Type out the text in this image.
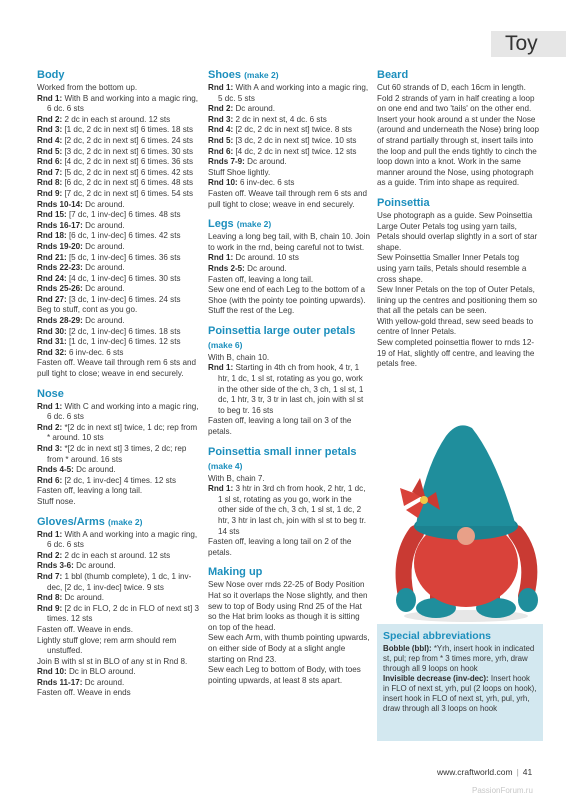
Toy
Body
Worked from the bottom up.
Rnd 1: With B and working into a magic ring, 6 dc. 6 sts
Rnd 2: 2 dc in each st around. 12 sts
Rnd 3: [1 dc, 2 dc in next st] 6 times. 18 sts
Rnd 4: [2 dc, 2 dc in next st] 6 times. 24 sts
Rnd 5: [3 dc, 2 dc in next st] 6 times. 30 sts
Rnd 6: [4 dc, 2 dc in next st] 6 times. 36 sts
Rnd 7: [5 dc, 2 dc in next st] 6 times. 42 sts
Rnd 8: [6 dc, 2 dc in next st] 6 times. 48 sts
Rnd 9: [7 dc, 2 dc in next st] 6 times. 54 sts
Rnds 10-14: Dc around.
Rnd 15: [7 dc, 1 inv-dec] 6 times. 48 sts
Rnds 16-17: Dc around.
Rnd 18: [6 dc, 1 inv-dec] 6 times. 42 sts
Rnds 19-20: Dc around.
Rnd 21: [5 dc, 1 inv-dec] 6 times. 36 sts
Rnds 22-23: Dc around.
Rnd 24: [4 dc, 1 inv-dec] 6 times. 30 sts
Rnds 25-26: Dc around.
Rnd 27: [3 dc, 1 inv-dec] 6 times. 24 sts
Beg to stuff, cont as you go.
Rnds 28-29: Dc around.
Rnd 30: [2 dc, 1 inv-dec] 6 times. 18 sts
Rnd 31: [1 dc, 1 inv-dec] 6 times. 12 sts
Rnd 32: 6 inv-dec. 6 sts
Fasten off. Weave tail through rem 6 sts and pull tight to close; weave in end securely.
Nose
Rnd 1: With C and working into a magic ring, 6 dc. 6 sts
Rnd 2: *[2 dc in next st] twice, 1 dc; rep from * around. 10 sts
Rnd 3: *[2 dc in next st] 3 times, 2 dc; rep from * around. 16 sts
Rnds 4-5: Dc around.
Rnd 6: [2 dc, 1 inv-dec] 4 times. 12 sts
Fasten off, leaving a long tail.
Stuff nose.
Gloves/Arms (make 2)
Rnd 1: With A and working into a magic ring, 6 dc. 6 sts
Rnd 2: 2 dc in each st around. 12 sts
Rnds 3-6: Dc around.
Rnd 7: 1 bbl (thumb complete), 1 dc, 1 inv-dec, [2 dc, 1 inv-dec] twice. 9 sts
Rnd 8: Dc around.
Rnd 9: [2 dc in FLO, 2 dc in FLO of next st] 3 times. 12 sts
Fasten off. Weave in ends.
Lightly stuff glove; rem arm should rem unstuffed.
Join B with sl st in BLO of any st in Rnd 8.
Rnd 10: Dc in BLO around.
Rnds 11-17: Dc around.
Fasten off. Weave in ends
Shoes (make 2)
Rnd 1: With A and working into a magic ring, 5 dc. 5 sts
Rnd 2: Dc around.
Rnd 3: 2 dc in next st, 4 dc. 6 sts
Rnd 4: [2 dc, 2 dc in next st] twice. 8 sts
Rnd 5: [3 dc, 2 dc in next st] twice. 10 sts
Rnd 6: [4 dc, 2 dc in next st] twice. 12 sts
Rnds 7-9: Dc around.
Stuff Shoe lightly.
Rnd 10: 6 inv-dec. 6 sts
Fasten off. Weave tail through rem 6 sts and pull tight to close; weave in end securely.
Legs (make 2)
Leaving a long beg tail, with B, chain 10. Join to work in the rnd, being careful not to twist.
Rnd 1: Dc around. 10 sts
Rnds 2-5: Dc around.
Fasten off, leaving a long tail.
Sew one end of each Leg to the bottom of a Shoe (with the pointy toe pointing upwards). Stuff the rest of the Leg.
Poinsettia large outer petals
(make 6)
With B, chain 10.
Rnd 1: Starting in 4th ch from hook, 4 tr, 1 htr, 1 dc, 1 sl st, rotating as you go, work in the other side of the ch, 3 ch, 1 sl st, 1 dc, 1 htr, 3 tr, 3 tr in last ch, join with sl st to beg tr. 16 sts
Fasten off, leaving a long tail on 3 of the petals.
Poinsettia small inner petals
(make 4)
With B, chain 7.
Rnd 1: 3 htr in 3rd ch from hook, 2 htr, 1 dc, 1 sl st, rotating as you go, work in the other side of the ch, 3 ch, 1 sl st, 1 dc, 2 htr, 3 htr in last ch, join with sl st to beg tr. 14 sts
Fasten off, leaving a long tail on 2 of the petals.
Making up
Sew Nose over rnds 22-25 of Body Position Hat so it overlaps the Nose slightly, and then sew to top of Body using Rnd 25 of the Hat so the Hat brim looks as though it is sitting on top of the head.
Sew each Arm, with thumb pointing upwards, on either side of Body at a slight angle starting on Rnd 23.
Sew each Leg to bottom of Body, with toes pointing upwards, at least 8 sts apart.
Beard
Cut 60 strands of D, each 16cm in length. Fold 2 strands of yarn in half creating a loop on one end and two 'tails' on the other end. Insert your hook around a st under the Nose (around and underneath the Nose) bring loop of strand partially through st, insert tails into the loop and pull the ends tightly to cinch the loop down into a knot. Work in the same manner around the Nose, using photograph as a guide. Trim into shape as required.
Poinsettia
Use photograph as a guide. Sew Poinsettia Large Outer Petals tog using yarn tails, Petals should overlap slightly in a sort of star shape.
Sew Poinsettia Smaller Inner Petals tog using yarn tails, Petals should resemble a cross shape.
Sew Inner Petals on the top of Outer Petals, lining up the centres and positioning them so that all the petals can be seen.
With yellow-gold thread, sew seed beads to centre of Inner Petals.
Sew completed poinsettia flower to rnds 12-19 of Hat, slightly off centre, and leaving the petals free.
Special abbreviations
Bobble (bbl): *Yrh, insert hook in indicated st, pul; rep from * 3 times more, yrh, draw through all 9 loops on hook
Invisible decrease (inv-dec): Insert hook in FLO of next st, yrh, pul (2 loops on hook), insert hook in FLO of next st, yrh, pul, yrh, draw through all 3 loops on hook
www.craftworld.com | 41
PassionForum.ru
